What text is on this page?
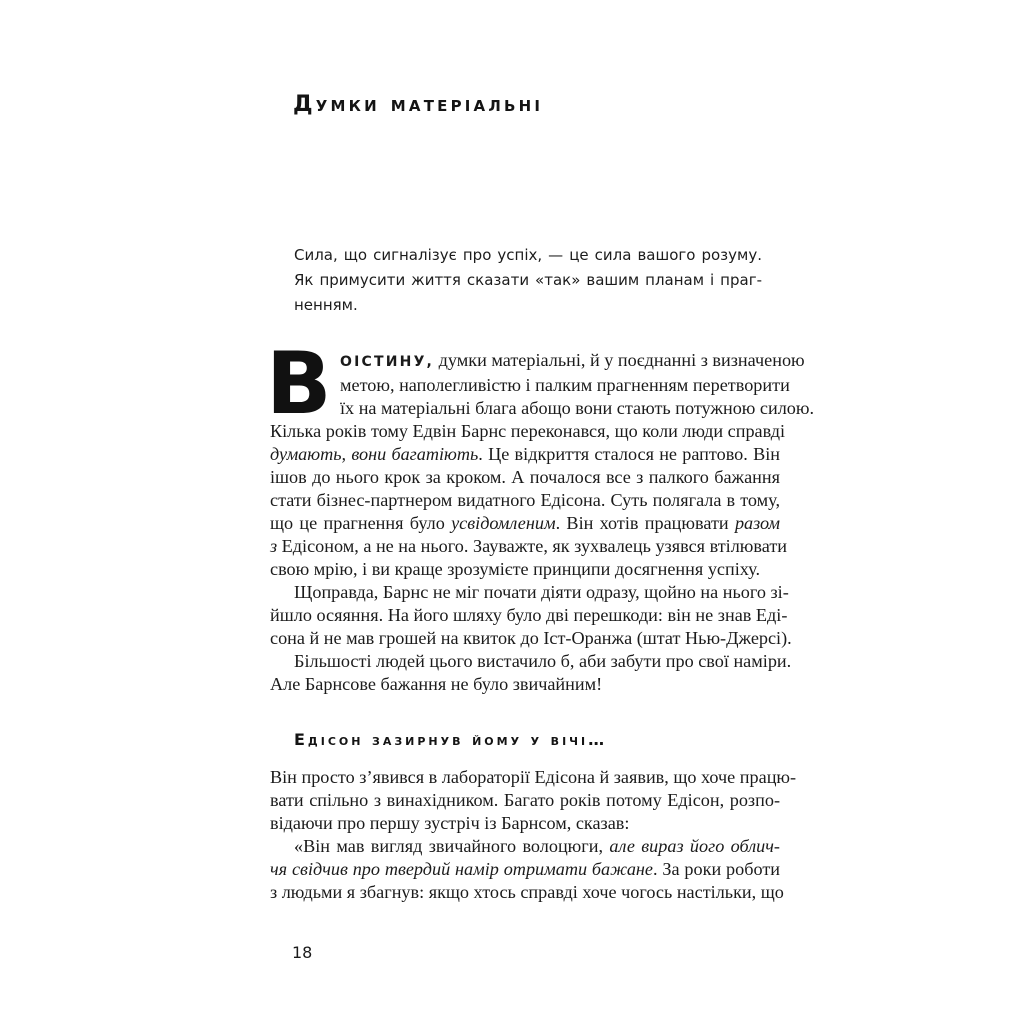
Думки матеріальні
Сила, що сигналізує про успіх, — це сила вашого розуму.
Як примусити життя сказати «так» вашим планам і праг-
ненням.
В ОІСТИНУ, думки матеріальні, й у поєднанні з визначеною
метою, наполегливістю і палким прагненням перетворити
їх на матеріальні блага абощо вони стають потужною силою.
Кілька років тому Едвін Барнс переконався, що коли люди справді
думають, вони багатіють. Це відкриття сталося не раптово. Він
ішов до нього крок за кроком. А почалося все з палкого бажання
стати бізнес-партнером видатного Едісона. Суть полягала в тому,
що це прагнення було усвідомленим. Він хотів працювати разом
з Едісоном, а не на нього. Зауважте, як зухвалець узявся втілювати
свою мрію, і ви краще зрозумієте принципи досягнення успіху.
Щоправда, Барнс не міг почати діяти одразу, щойно на нього зі-
йшло осяяння. На його шляху було дві перешкоди: він не знав Еді-
сона й не мав грошей на квиток до Іст-Оранжа (штат Нью-Джерсі).
Більшості людей цього вистачило б, аби забути про свої наміри.
Але Барнсове бажання не було звичайним!
Едісон зазирнув йому у вічі…
Він просто з’явився в лабораторії Едісона й заявив, що хоче працю-
вати спільно з винахідником. Багато років потому Едісон, розпо-
відаючи про першу зустріч із Барнсом, сказав:
«Він мав вигляд звичайного волоцюги, але вираз його облич-
чя свідчив про твердий намір отримати бажане. За роки роботи
з людьми я збагнув: якщо хтось справді хоче чогось настільки, що
18
